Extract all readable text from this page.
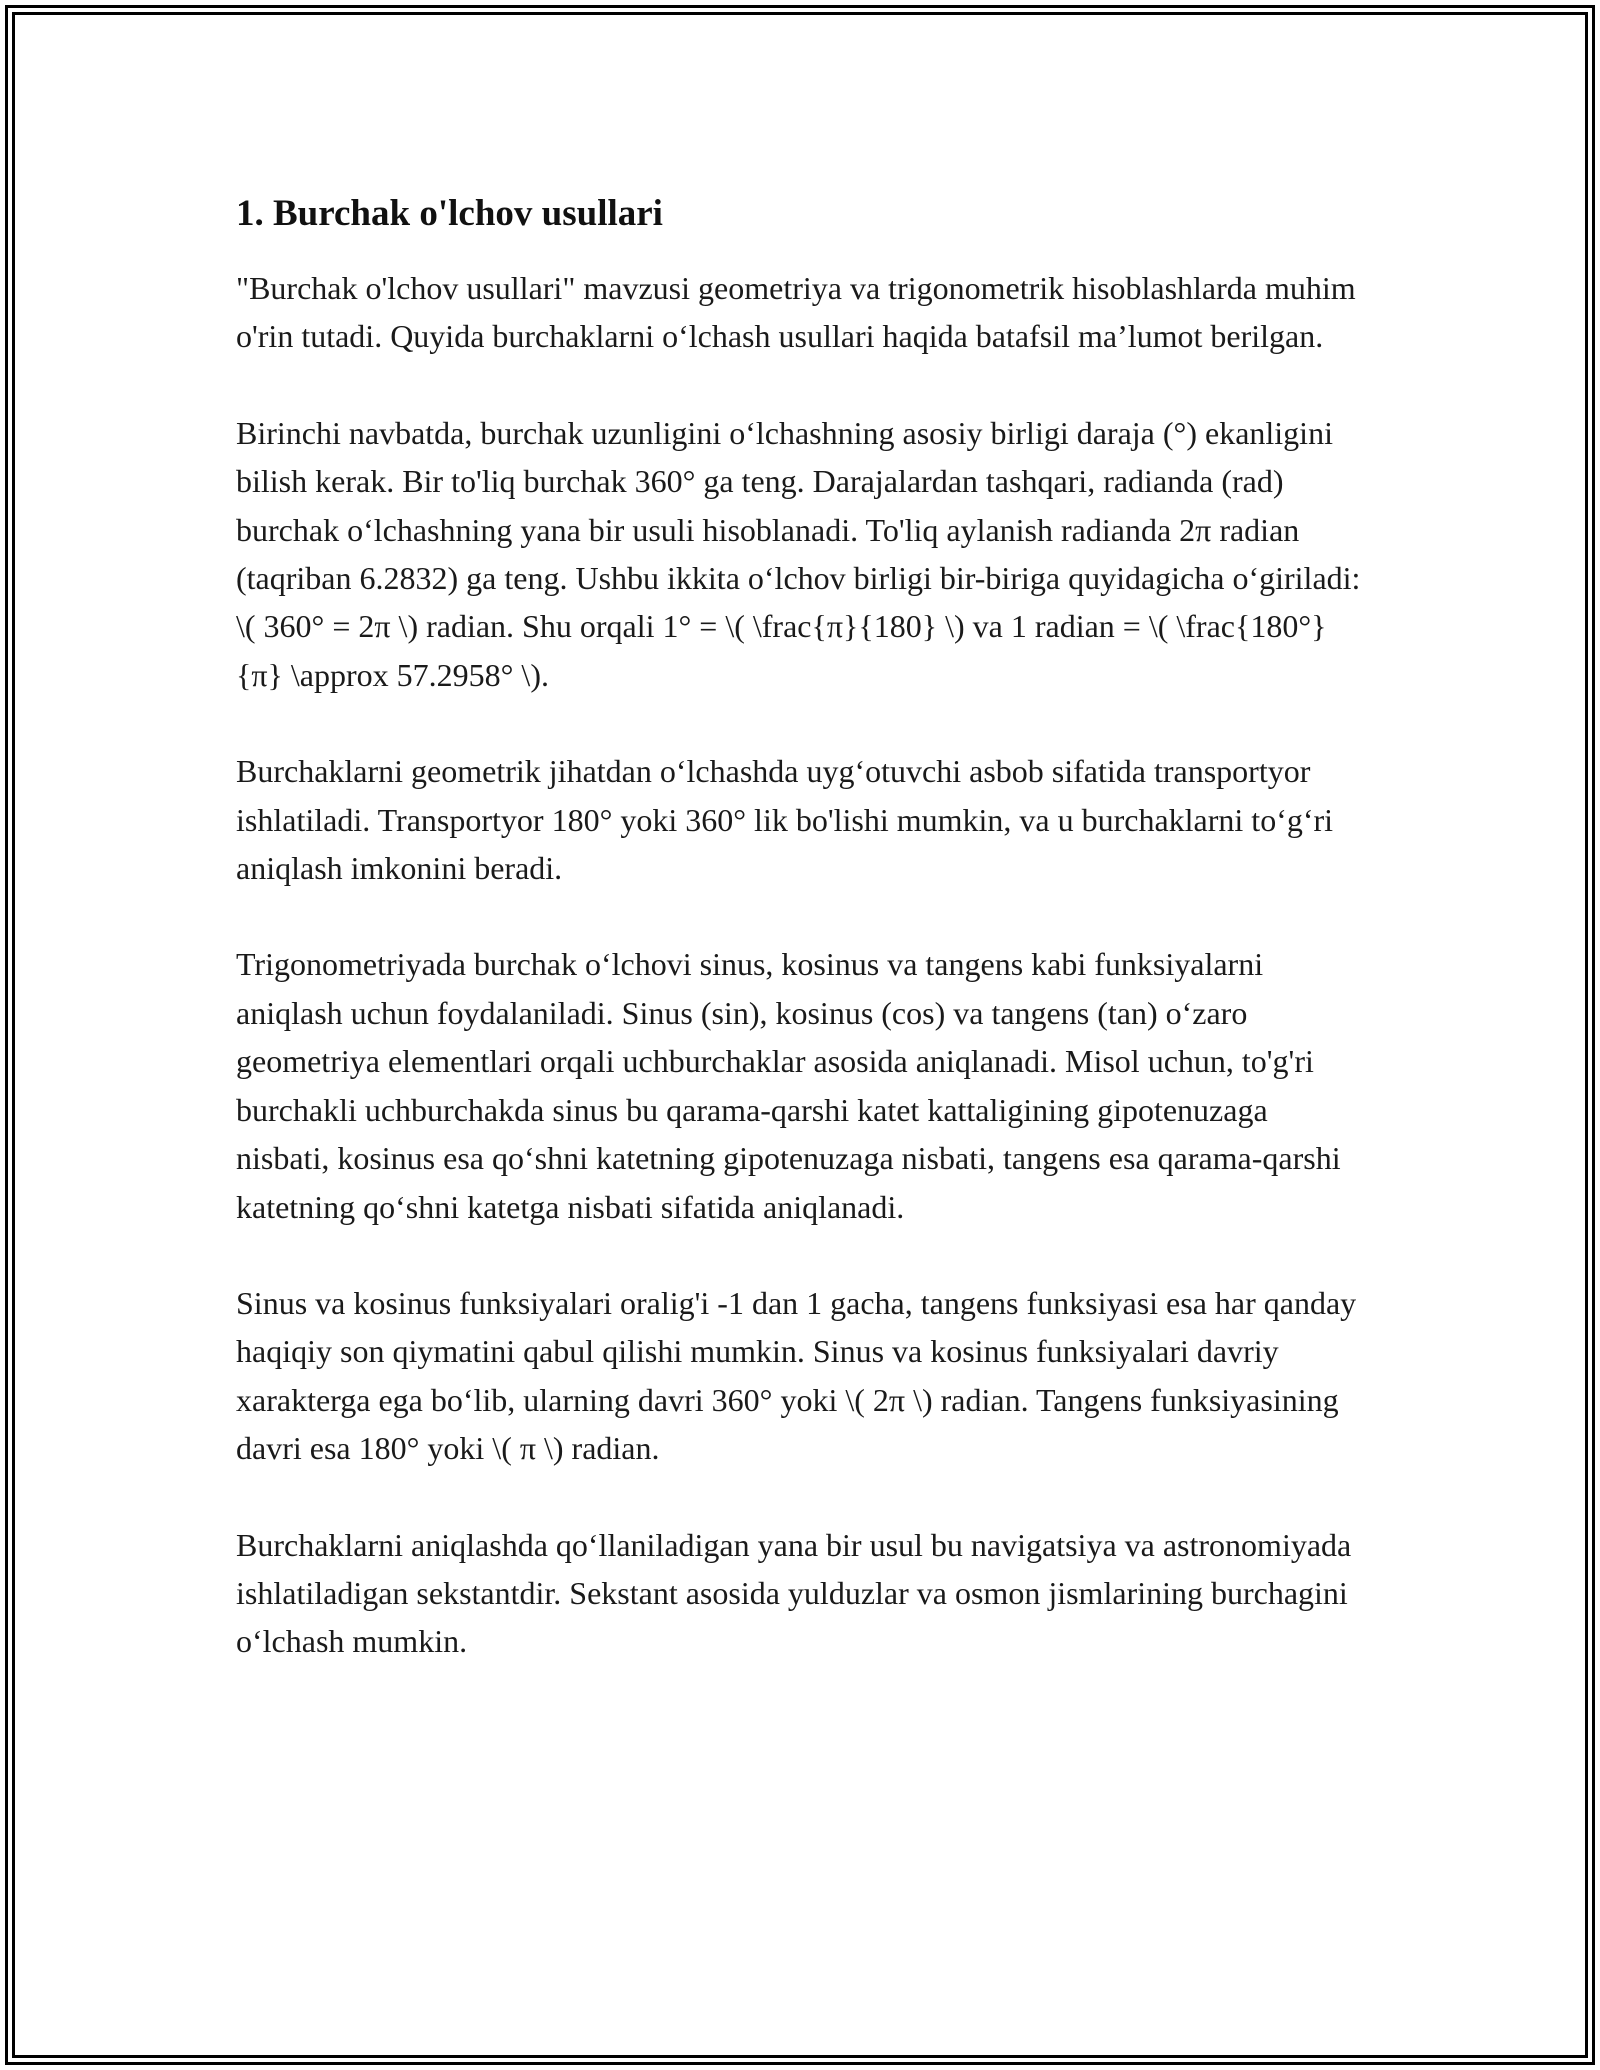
1. Burchak o'lchov usullari

"Burchak o'lchov usullari" mavzusi geometriya va trigonometrik hisoblashlarda muhim o'rin tutadi. Quyida burchaklarni o‘lchash usullari haqida batafsil ma’lumot berilgan.

Birinchi navbatda, burchak uzunligini o‘lchashning asosiy birligi daraja (°) ekanligini bilish kerak. Bir to'liq burchak 360° ga teng. Darajalardan tashqari, radianda (rad) burchak o‘lchashning yana bir usuli hisoblanadi. To'liq aylanish radianda 2π radian (taqriban 6.2832) ga teng. Ushbu ikkita o‘lchov birligi bir-biriga quyidagicha o‘giriladi: \( 360° = 2π \) radian. Shu orqali 1° = \( \frac{π}{180} \) va 1 radian = \( \frac{180°}{π} \approx 57.2958° \).

Burchaklarni geometrik jihatdan o‘lchashda uyg‘otuvchi asbob sifatida transportyor ishlatiladi. Transportyor 180° yoki 360° lik bo'lishi mumkin, va u burchaklarni to‘g‘ri aniqlash imkonini beradi.

Trigonometriyada burchak o‘lchovi sinus, kosinus va tangens kabi funksiyalarni aniqlash uchun foydalaniladi. Sinus (sin), kosinus (cos) va tangens (tan) o‘zaro geometriya elementlari orqali uchburchaklar asosida aniqlanadi. Misol uchun, to'g'ri burchakli uchburchakda sinus bu qarama-qarshi katet kattaligining gipotenuzaga nisbati, kosinus esa qo‘shni katetning gipotenuzaga nisbati, tangens esa qarama-qarshi katetning qo‘shni katetga nisbati sifatida aniqlanadi.

Sinus va kosinus funksiyalari oralig'i -1 dan 1 gacha, tangens funksiyasi esa har qanday haqiqiy son qiymatini qabul qilishi mumkin. Sinus va kosinus funksiyalari davriy xarakterga ega bo‘lib, ularning davri 360° yoki \( 2π \) radian. Tangens funksiyasining davri esa 180° yoki \( π \) radian.

Burchaklarni aniqlashda qo‘llaniladigan yana bir usul bu navigatsiya va astronomiyada ishlatiladigan sekstantdir. Sekstant asosida yulduzlar va osmon jismlarining burchagini o‘lchash mumkin.
